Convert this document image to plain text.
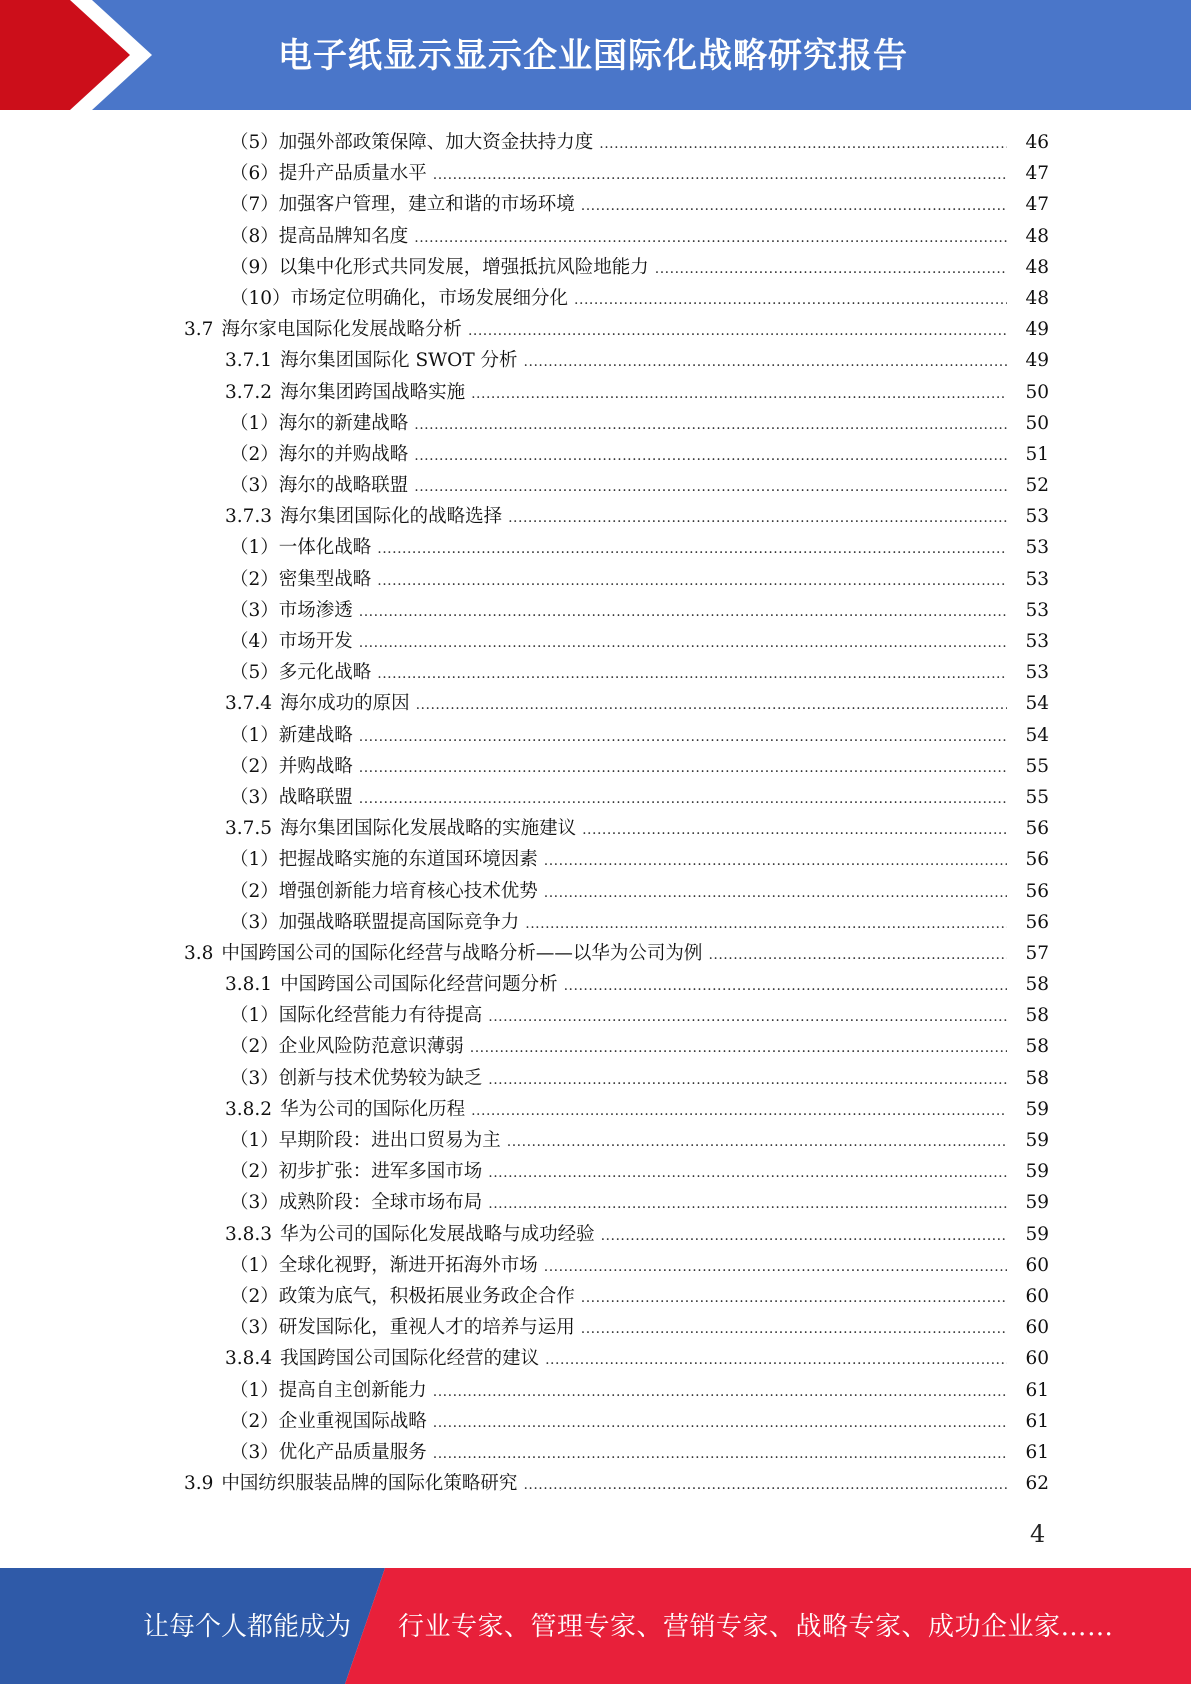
电子纸显示显示企业国际化战略研究报告
（5）加强外部政策保障、加大资金扶持力度 .....	46
（6）提升产品质量水平 .....	47
（7）加强客户管理，建立和谐的市场环境 .....	47
（8）提高品牌知名度 .....	48
（9）以集中化形式共同发展，增强抵抗风险地能力 .....	48
（10）市场定位明确化，市场发展细分化 .....	48
3.7 海尔家电国际化发展战略分析 .....	49
3.7.1 海尔集团国际化 SWOT 分析 .....	49
3.7.2 海尔集团跨国战略实施 .....	50
（1）海尔的新建战略 .....	50
（2）海尔的并购战略 .....	51
（3）海尔的战略联盟 .....	52
3.7.3 海尔集团国际化的战略选择 .....	53
（1）一体化战略 .....	53
（2）密集型战略 .....	53
（3）市场渗透 .....	53
（4）市场开发 .....	53
（5）多元化战略 .....	53
3.7.4 海尔成功的原因 .....	54
（1）新建战略 .....	54
（2）并购战略 .....	55
（3）战略联盟 .....	55
3.7.5 海尔集团国际化发展战略的实施建议 .....	56
（1）把握战略实施的东道国环境因素 .....	56
（2）增强创新能力培育核心技术优势 .....	56
（3）加强战略联盟提高国际竞争力 .....	56
3.8 中国跨国公司的国际化经营与战略分析——以华为公司为例 .....	57
3.8.1 中国跨国公司国际化经营问题分析 .....	58
（1）国际化经营能力有待提高 .....	58
（2）企业风险防范意识薄弱 .....	58
（3）创新与技术优势较为缺乏 .....	58
3.8.2 华为公司的国际化历程 .....	59
（1）早期阶段：进出口贸易为主 .....	59
（2）初步扩张：进军多国市场 .....	59
（3）成熟阶段：全球市场布局 .....	59
3.8.3 华为公司的国际化发展战略与成功经验 .....	59
（1）全球化视野，渐进开拓海外市场 .....	60
（2）政策为底气，积极拓展业务政企合作 .....	60
（3）研发国际化，重视人才的培养与运用 .....	60
3.8.4 我国跨国公司国际化经营的建议 .....	60
（1）提高自主创新能力 .....	61
（2）企业重视国际战略 .....	61
（3）优化产品质量服务 .....	61
3.9 中国纺织服装品牌的国际化策略研究 .....	62
4
让每个人都能成为 行业专家、管理专家、营销专家、战略专家、成功企业家……
